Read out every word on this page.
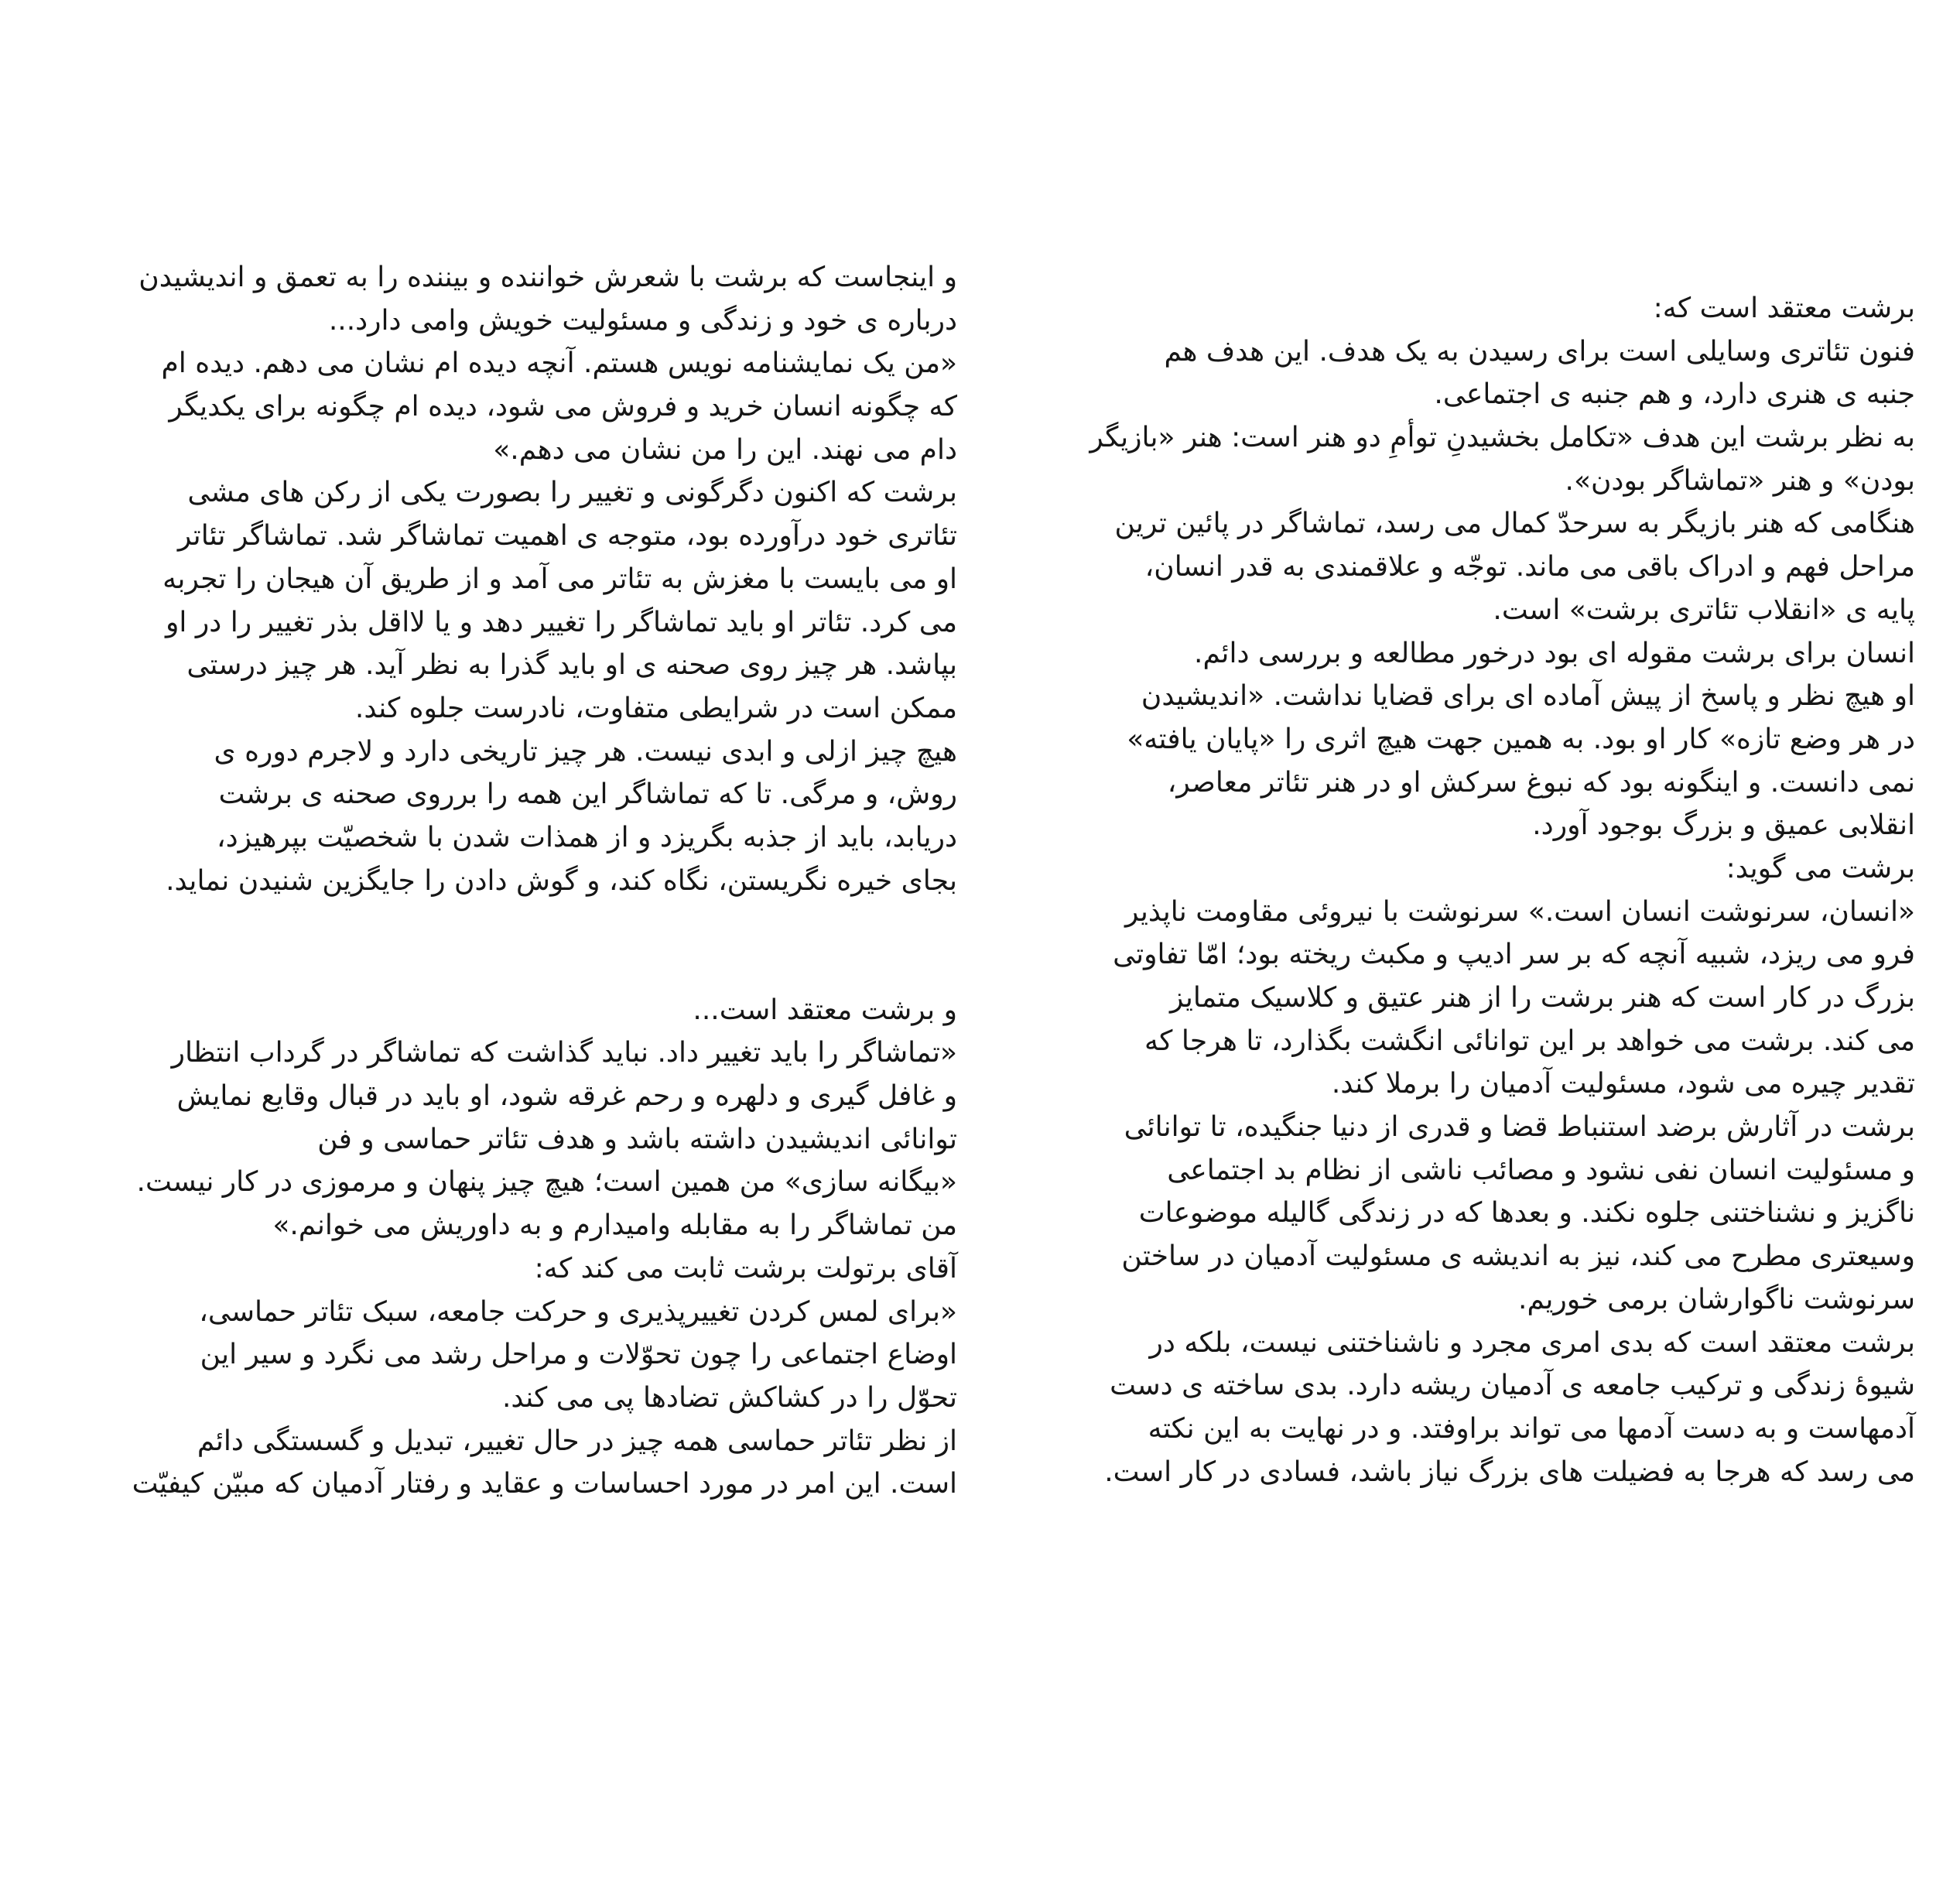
برشت معتقد است که:
فنون تئاتری وسایلی است برای رسیدن به یک هدف. این هدف هم
جنبه ی هنری دارد، و هم جنبه ی اجتماعی.
به نظر برشت این هدف «تکامل بخشیدنِ توأمِ دو هنر است: هنر «بازیگر
بودن» و هنر «تماشاگر بودن».
هنگامی که هنر بازیگر به سرحدّ کمال می رسد، تماشاگر در پائین ترین
مراحل فهم و ادراک باقی می ماند. توجّه و علاقمندی به قدر انسان،
پایه ی «انقلاب تئاتری برشت» است.
انسان برای برشت مقوله ای بود درخور مطالعه و بررسی دائم.
او هیچ نظر و پاسخ از پیش آماده ای برای قضایا نداشت. «اندیشیدن
در هر وضع تازه» کار او بود. به همین جهت هیچ اثری را «پایان یافته»
نمی دانست. و اینگونه بود که نبوغ سرکش او در هنر تئاتر معاصر،
انقلابی عمیق و بزرگ بوجود آورد.
برشت می گوید:
«انسان، سرنوشت انسان است.» سرنوشت با نیروئی مقاومت ناپذیر
فرو می ریزد، شبیه آنچه که بر سر ادیپ و مکبث ریخته بود؛ امّا تفاوتی
بزرگ در کار است که هنر برشت را از هنر عتیق و کلاسیک متمایز
می کند. برشت می خواهد بر این توانائی انگشت بگذارد، تا هرجا که
تقدیر چیره می شود، مسئولیت آدمیان را برملا کند.
برشت در آثارش برضد استنباط قضا و قدری از دنیا جنگیده، تا توانائی
و مسئولیت انسان نفی نشود و مصائب ناشی از نظام بد اجتماعی
ناگزیز و نشناختنی جلوه نکند. و بعدها که در زندگی گالیله موضوعات
وسیعتری مطرح می کند، نیز به اندیشه ی مسئولیت آدمیان در ساختن
سرنوشت ناگوارشان برمی خوریم.
برشت معتقد است که بدی امری مجرد و ناشناختنی نیست، بلکه در
شیوهٔ زندگی و ترکیب جامعه ی آدمیان ریشه دارد. بدی ساخته ی دست
آدمهاست و به دست آدمها می تواند براوفتد. و در نهایت به این نکته
می رسد که هرجا به فضیلت های بزرگ نیاز باشد، فسادی در کار است.
و اینجاست که برشت با شعرش خواننده و بیننده را به تعمق و اندیشیدن
درباره ی خود و زندگی و مسئولیت خویش وامی دارد...
«من یک نمایشنامه نویس هستم. آنچه دیده ام نشان می دهم. دیده ام
که چگونه انسان خرید و فروش می شود، دیده ام چگونه برای یکدیگر
دام می نهند. این را من نشان می دهم.»
برشت که اکنون دگرگونی و تغییر را بصورت یکی از رکن های مشی
تئاتری خود درآورده بود، متوجه ی اهمیت تماشاگر شد. تماشاگر تئاتر
او می بایست با مغزش به تئاتر می آمد و از طریق آن هیجان را تجربه
می کرد. تئاتر او باید تماشاگر را تغییر دهد و یا لااقل بذر تغییر را در او
بپاشد. هر چیز روی صحنه ی او باید گذرا به نظر آید. هر چیز درستی
ممکن است در شرایطی متفاوت، نادرست جلوه کند.
هیچ چیز ازلی و ابدی نیست. هر چیز تاریخی دارد و لاجرم دوره ی
روش، و مرگی. تا که تماشاگر این همه را برروی صحنه ی برشت
دریابد، باید از جذبه بگریزد و از همذات شدن با شخصیّت بپرهیزد،
بجای خیره نگریستن، نگاه کند، و گوش دادن را جایگزین شنیدن نماید.
و برشت معتقد است...
«تماشاگر را باید تغییر داد. نباید گذاشت که تماشاگر در گرداب انتظار
و غافل گیری و دلهره و رحم غرقه شود، او باید در قبال وقایع نمایش
توانائی اندیشیدن داشته باشد و هدف تئاتر حماسی و فن
«بیگانه سازی» من همین است؛ هیچ چیز پنهان و مرموزی در کار نیست.
من تماشاگر را به مقابله وامیدارم و به داوریش می خوانم.»
آقای برتولت برشت ثابت می کند که:
«برای لمس کردن تغییرپذیری و حرکت جامعه، سبک تئاتر حماسی،
اوضاع اجتماعی را چون تحوّلات و مراحل رشد می نگرد و سیر این
تحوّل را در کشاکش تضادها پی می کند.
از نظر تئاتر حماسی همه چیز در حال تغییر، تبدیل و گسستگی دائم
است. این امر در مورد احساسات و عقاید و رفتار آدمیان که مبیّن کیفیّت
